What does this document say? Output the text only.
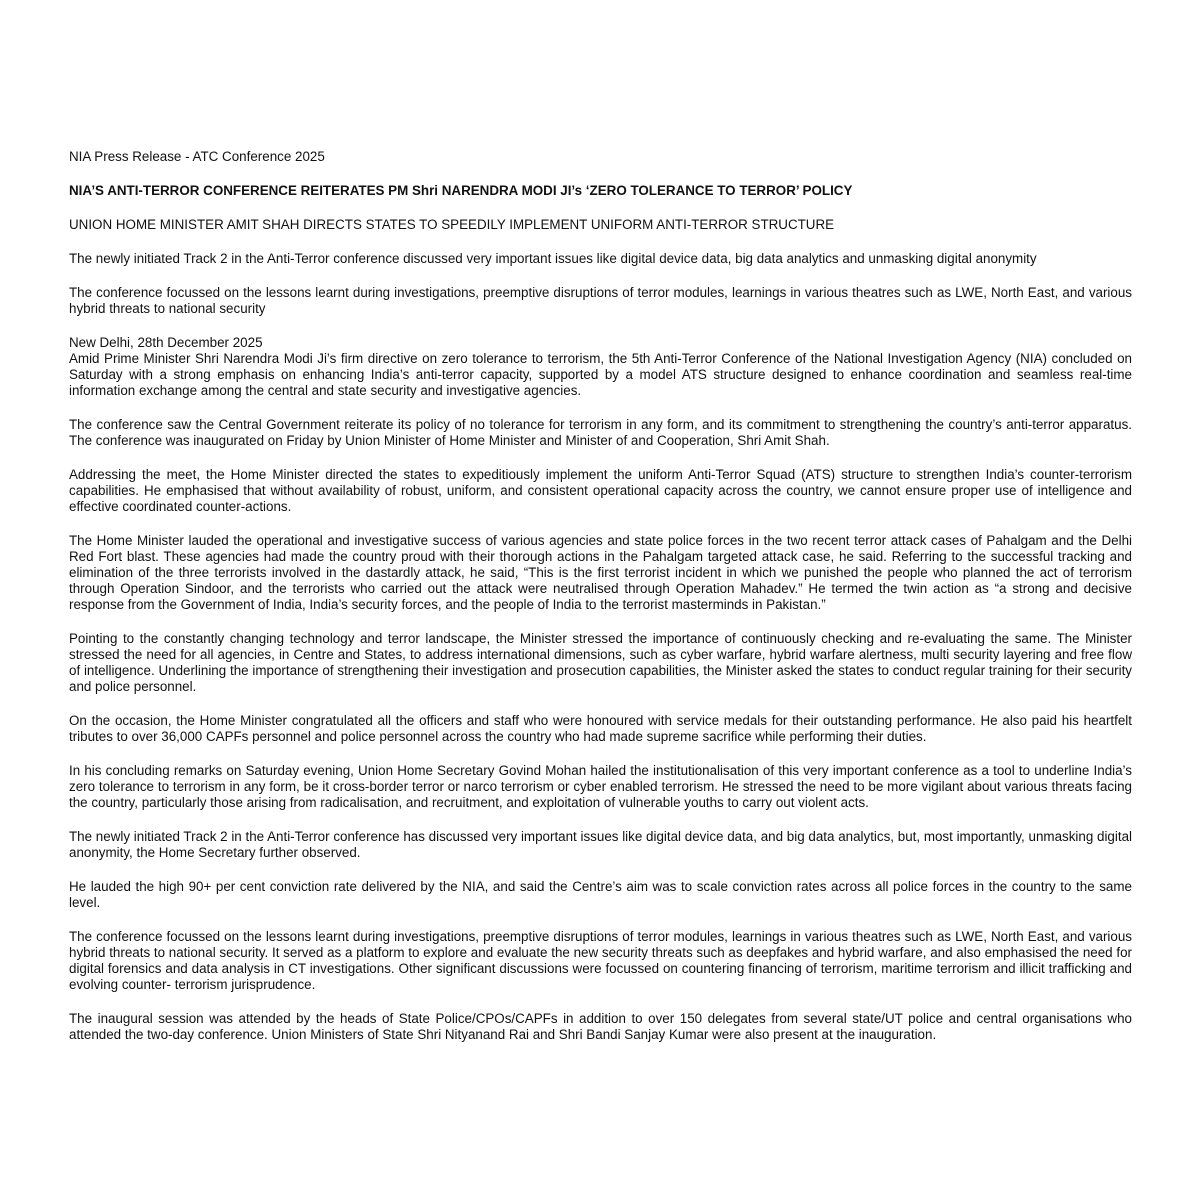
NIA Press Release - ATC Conference 2025

NIA’S ANTI-TERROR CONFERENCE REITERATES PM Shri NARENDRA MODI JI’s ‘ZERO TOLERANCE TO TERROR’ POLICY

UNION HOME MINISTER AMIT SHAH DIRECTS STATES TO SPEEDILY IMPLEMENT UNIFORM ANTI-TERROR STRUCTURE

The newly initiated Track 2 in the Anti-Terror conference discussed very important issues like digital device data, big data analytics and unmasking digital anonymity

The conference focussed on the lessons learnt during investigations, preemptive disruptions of terror modules, learnings in various theatres such as LWE, North East, and various hybrid threats to national security

New Delhi, 28th December 2025

Amid Prime Minister Shri Narendra Modi Ji’s firm directive on zero tolerance to terrorism, the 5th Anti-Terror Conference of the National Investigation Agency (NIA) concluded on Saturday with a strong emphasis on enhancing India’s anti-terror capacity, supported by a model ATS structure designed to enhance coordination and seamless real-time information exchange among the central and state security and investigative agencies.

The conference saw the Central Government reiterate its policy of no tolerance for terrorism in any form, and its commitment to strengthening the country’s anti-terror apparatus. The conference was inaugurated on Friday by Union Minister of Home Minister and Minister of and Cooperation, Shri Amit Shah.

Addressing the meet, the Home Minister directed the states to expeditiously implement the uniform Anti-Terror Squad (ATS) structure to strengthen India’s counter-terrorism capabilities. He emphasised that without availability of robust, uniform, and consistent operational capacity across the country, we cannot ensure proper use of intelligence and effective coordinated counter-actions.

The Home Minister lauded the operational and investigative success of various agencies and state police forces in the two recent terror attack cases of Pahalgam and the Delhi Red Fort blast. These agencies had made the country proud with their thorough actions in the Pahalgam targeted attack case, he said. Referring to the successful tracking and elimination of the three terrorists involved in the dastardly attack, he said, “This is the first terrorist incident in which we punished the people who planned the act of terrorism through Operation Sindoor, and the terrorists who carried out the attack were neutralised through Operation Mahadev.” He termed the twin action as “a strong and decisive response from the Government of India, India’s security forces, and the people of India to the terrorist masterminds in Pakistan.”

Pointing to the constantly changing technology and terror landscape, the Minister stressed the importance of continuously checking and re-evaluating the same. The Minister stressed the need for all agencies, in Centre and States, to address international dimensions, such as cyber warfare, hybrid warfare alertness, multi security layering and free flow of intelligence. Underlining the importance of strengthening their investigation and prosecution capabilities, the Minister asked the states to conduct regular training for their security and police personnel.

On the occasion, the Home Minister congratulated all the officers and staff who were honoured with service medals for their outstanding performance. He also paid his heartfelt tributes to over 36,000 CAPFs personnel and police personnel across the country who had made supreme sacrifice while performing their duties.

In his concluding remarks on Saturday evening, Union Home Secretary Govind Mohan hailed the institutionalisation of this very important conference as a tool to underline India’s zero tolerance to terrorism in any form, be it cross-border terror or narco terrorism or cyber enabled terrorism. He stressed the need to be more vigilant about various threats facing the country, particularly those arising from radicalisation, and recruitment, and exploitation of vulnerable youths to carry out violent acts.

The newly initiated Track 2 in the Anti-Terror conference has discussed very important issues like digital device data, and big data analytics, but, most importantly, unmasking digital anonymity, the Home Secretary further observed.

He lauded the high 90+ per cent conviction rate delivered by the NIA, and said the Centre’s aim was to scale conviction rates across all police forces in the country to the same level.

The conference focussed on the lessons learnt during investigations, preemptive disruptions of terror modules, learnings in various theatres such as LWE, North East, and various hybrid threats to national security. It served as a platform to explore and evaluate the new security threats such as deepfakes and hybrid warfare, and also emphasised the need for digital forensics and data analysis in CT investigations. Other significant discussions were focussed on countering financing of terrorism, maritime terrorism and illicit trafficking and evolving counter- terrorism jurisprudence.

The inaugural session was attended by the heads of State Police/CPOs/CAPFs in addition to over 150 delegates from several state/UT police and central organisations who attended the two-day conference. Union Ministers of State Shri Nityanand Rai and Shri Bandi Sanjay Kumar were also present at the inauguration.
